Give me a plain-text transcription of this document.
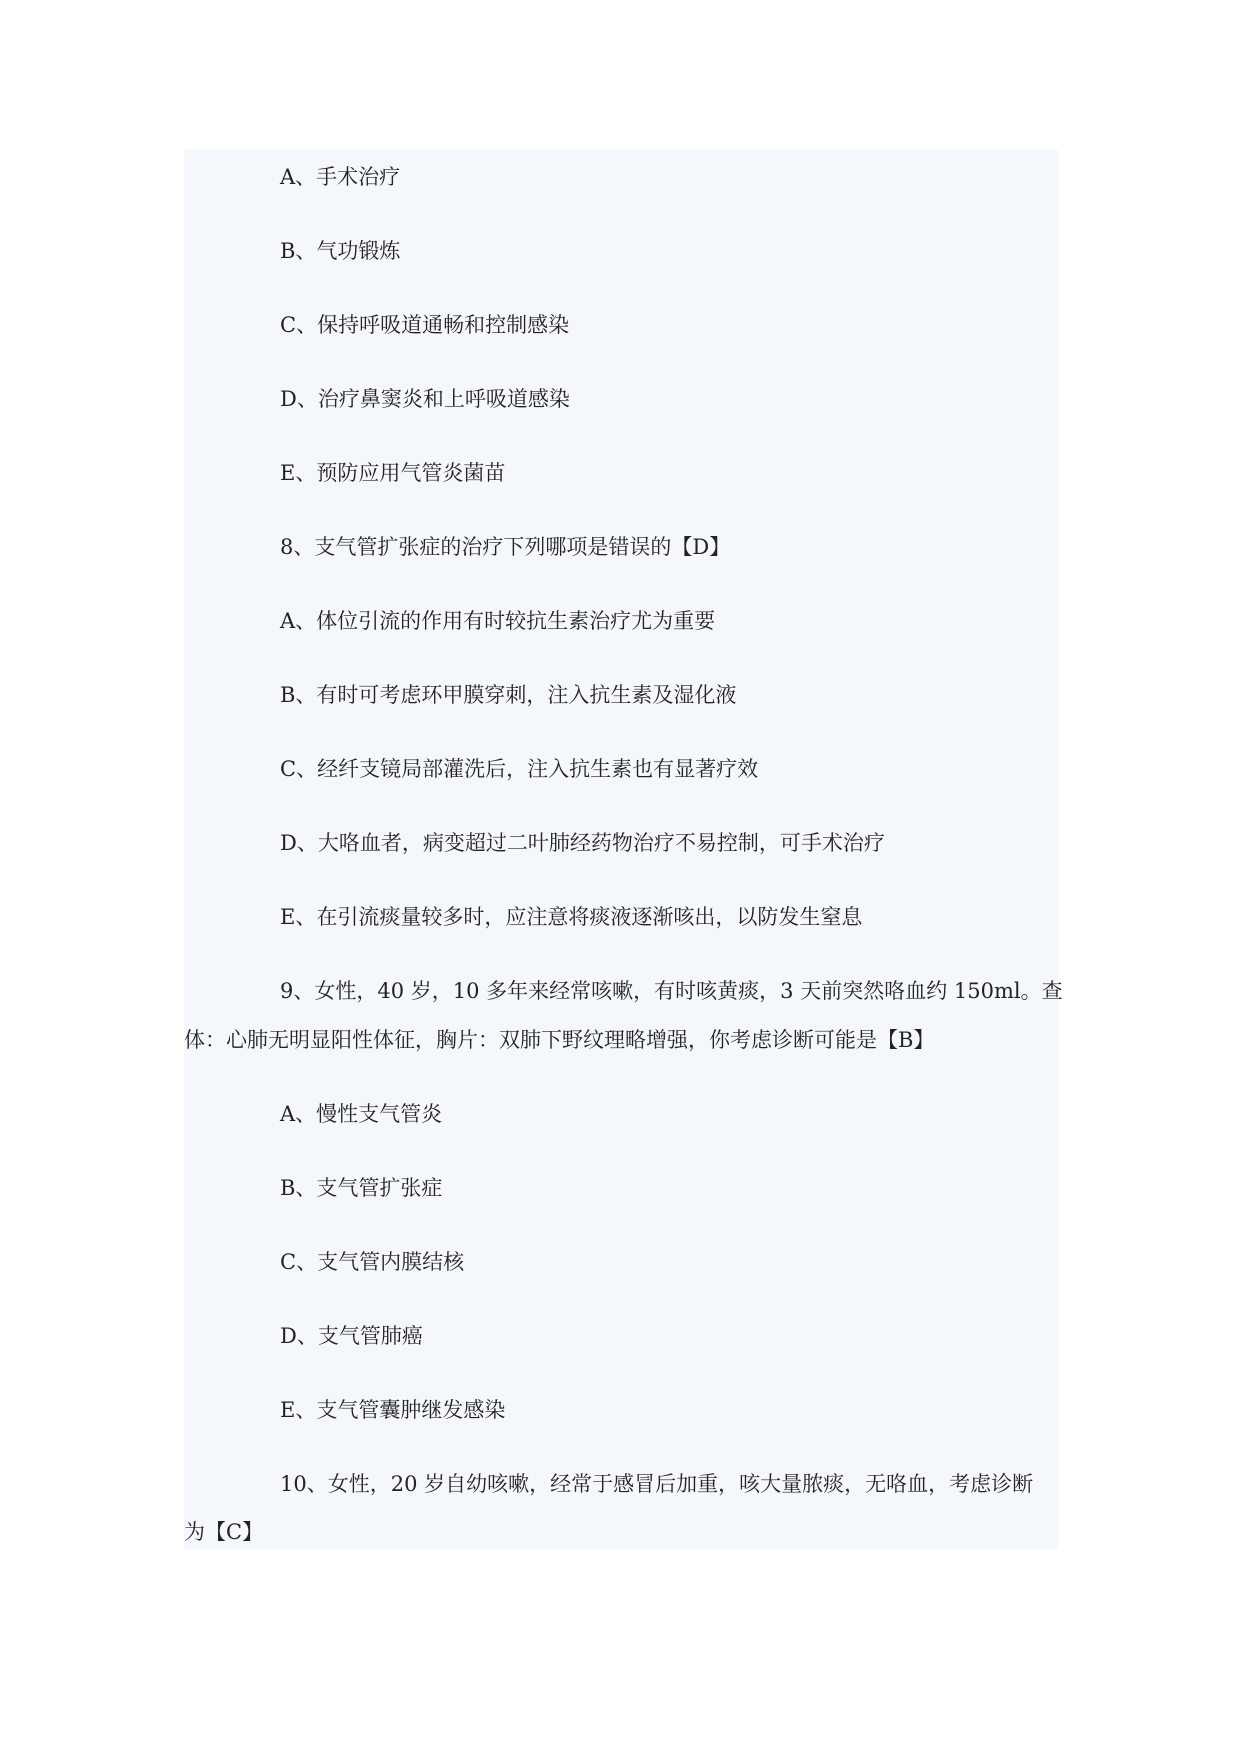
A、手术治疗
B、气功锻炼
C、保持呼吸道通畅和控制感染
D、治疗鼻窦炎和上呼吸道感染
E、预防应用气管炎菌苗
8、支气管扩张症的治疗下列哪项是错误的【D】
A、体位引流的作用有时较抗生素治疗尤为重要
B、有时可考虑环甲膜穿刺，注入抗生素及湿化液
C、经纤支镜局部灌洗后，注入抗生素也有显著疗效
D、大咯血者，病变超过二叶肺经药物治疗不易控制，可手术治疗
E、在引流痰量较多时，应注意将痰液逐渐咳出，以防发生窒息
9、女性，40 岁，10 多年来经常咳嗽，有时咳黄痰，3 天前突然咯血约 150ml。查
体：心肺无明显阳性体征，胸片：双肺下野纹理略增强，你考虑诊断可能是【B】
A、慢性支气管炎
B、支气管扩张症
C、支气管内膜结核
D、支气管肺癌
E、支气管囊肿继发感染
10、女性，20 岁自幼咳嗽，经常于感冒后加重，咳大量脓痰，无咯血，考虑诊断
为【C】
